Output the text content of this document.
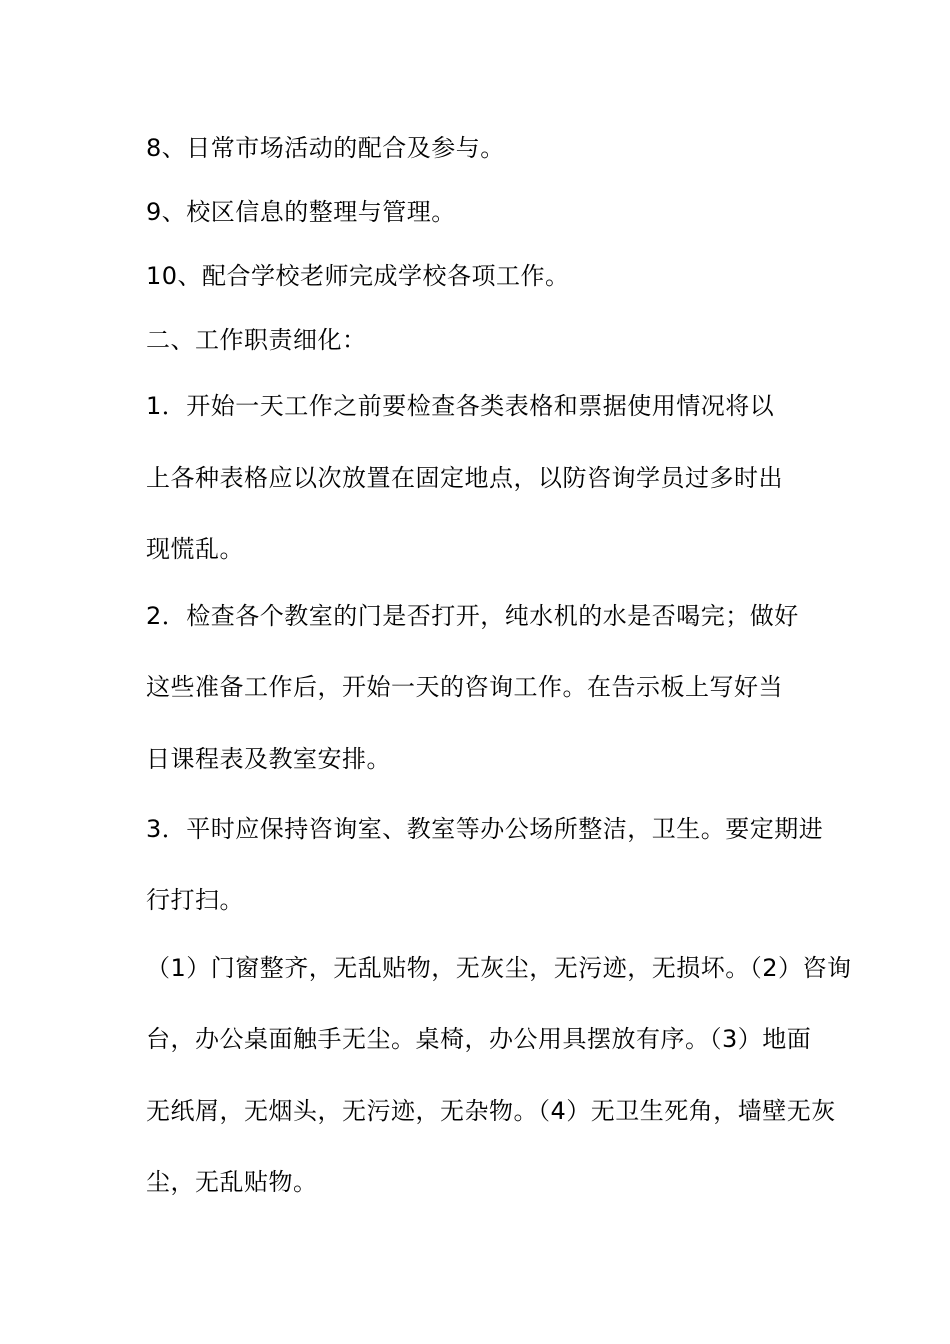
8、日常市场活动的配合及参与。
9、校区信息的整理与管理。
10、配合学校老师完成学校各项工作。
二、工作职责细化：
1．开始一天工作之前要检查各类表格和票据使用情况将以
上各种表格应以次放置在固定地点，以防咨询学员过多时出
现慌乱。
2．检查各个教室的门是否打开，纯水机的水是否喝完；做好
这些准备工作后，开始一天的咨询工作。在告示板上写好当
日课程表及教室安排。
3．平时应保持咨询室、教室等办公场所整洁，卫生。要定期进
行打扫。
（1）门窗整齐，无乱贴物，无灰尘，无污迹，无损坏。（2）咨询
台，办公桌面触手无尘。桌椅，办公用具摆放有序。（3）地面
无纸屑，无烟头，无污迹，无杂物。（4）无卫生死角，墙壁无灰
尘，无乱贴物。
